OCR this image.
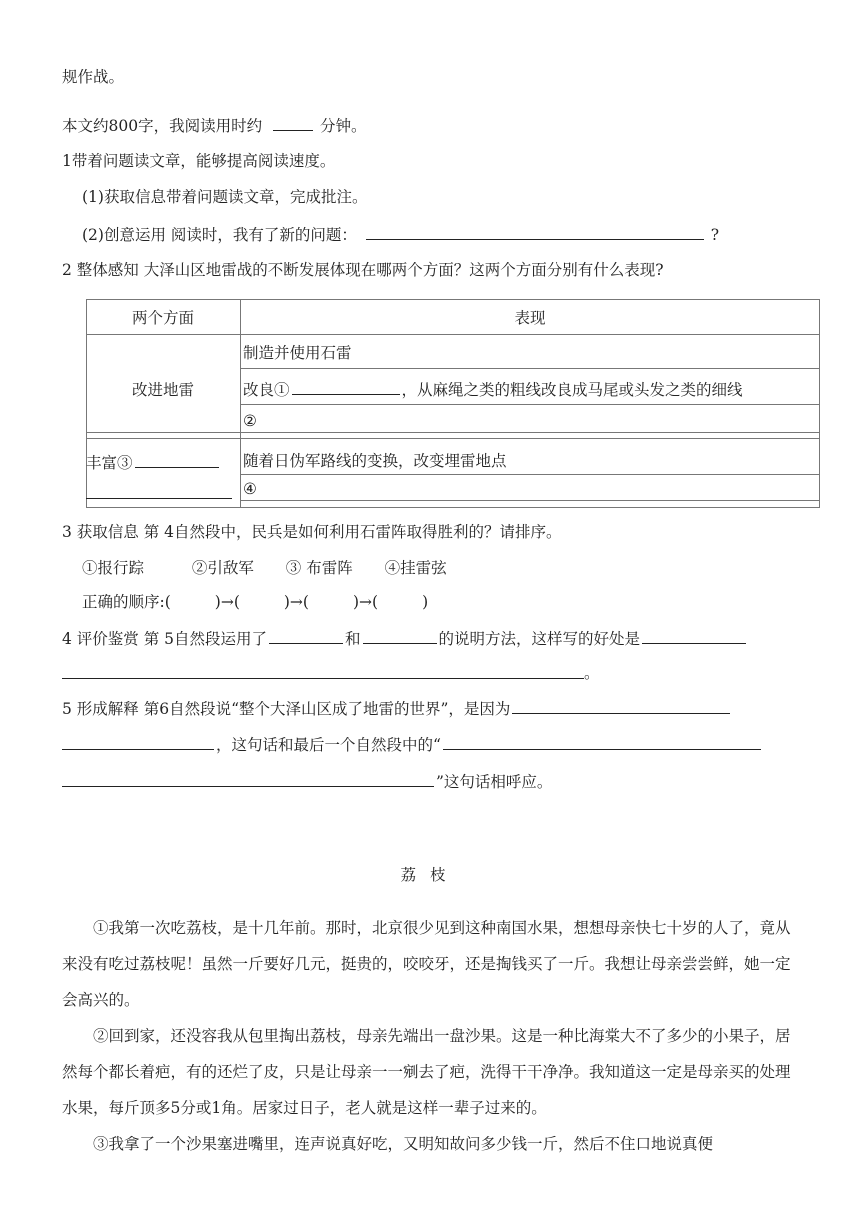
规作战。
本文约800字，我阅读用时约	分钟。
1带着问题读文章，能够提高阅读速度。
(1)获取信息带着问题读文章，完成批注。
(2)创意运用 阅读时，我有了新的问题：	?
2 整体感知 大泽山区地雷战的不断发展体现在哪两个方面？这两个方面分别有什么表现?
两个方面	表现
改进地雷
制造并使用石雷
改良①	，从麻绳之类的粗线改良成马尾或头发之类的细线
②
丰富③	随着日伪军路线的变换，改变埋雷地点
④
3 获取信息 第 4自然段中，民兵是如何利用石雷阵取得胜利的？请排序。
①报行踪	②引敌军 ③ 布雷阵 ④挂雷弦
正确的顺序:(	)→(	)→(	)→(	)
4 评价鉴赏 第 5自然段运用了	和	的说明方法，这样写的好处是
。
5 形成解释 第6自然段说“整个大泽山区成了地雷的世界”，是因为
，这句话和最后一个自然段中的“
”这句话相呼应。
荔枝
①我第一次吃荔枝，是十几年前。那时，北京很少见到这种南国水果，想想母亲快七十岁的人了，竟从来没有吃过荔枝呢！虽然一斤要好几元，挺贵的，咬咬牙，还是掏钱买了一斤。我想让母亲尝尝鲜，她一定会高兴的。
②回到家，还没容我从包里掏出荔枝，母亲先端出一盘沙果。这是一种比海棠大不了多少的小果子，居然每个都长着疤，有的还烂了皮，只是让母亲一一剜去了疤，洗得干干净净。我知道这一定是母亲买的处理水果，每斤顶多5分或1角。居家过日子，老人就是这样一辈子过来的。
③我拿了一个沙果塞进嘴里，连声说真好吃，又明知故问多少钱一斤，然后不住口地说真便
